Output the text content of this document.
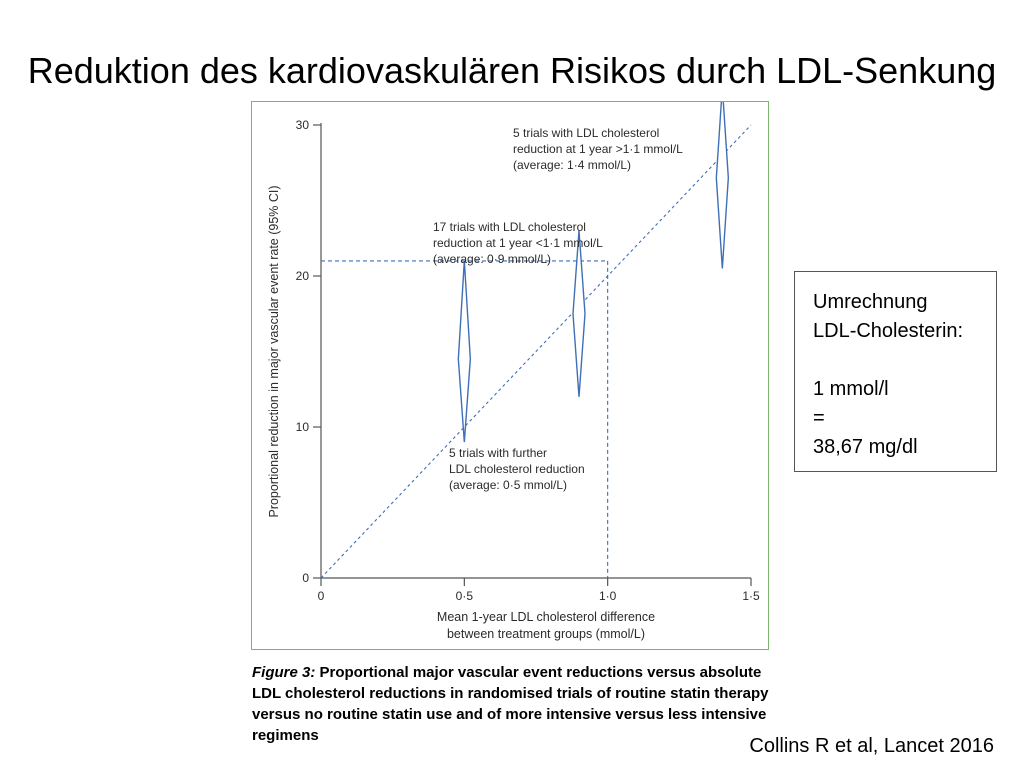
Reduktion des kardiovaskulären Risikos durch LDL-Senkung
0
10
20
30
0	0·5	1·0	1·5
5 trials with further
LDL cholesterol reduction
(average: 0·5 mmol/L)
17 trials with LDL cholesterol
reduction at 1 year <1·1 mmol/L
(average: 0·9 mmol/L)
5 trials with LDL cholesterol
reduction at 1 year >1·1 mmol/L
(average: 1·4 mmol/L)
Mean 1-year LDL cholesterol difference
between treatment groups (mmol/L)
Proportional reduction in major vascular event rate (95% CI)
Figure 3: Proportional major vascular event reductions versus absolute LDL cholesterol reductions in randomised trials of routine statin therapy versus no routine statin use and of more intensive versus less intensive regimens
Umrechnung
LDL-Cholesterin:
1 mmol/l
=
38,67 mg/dl
Collins R et al, Lancet 2016
